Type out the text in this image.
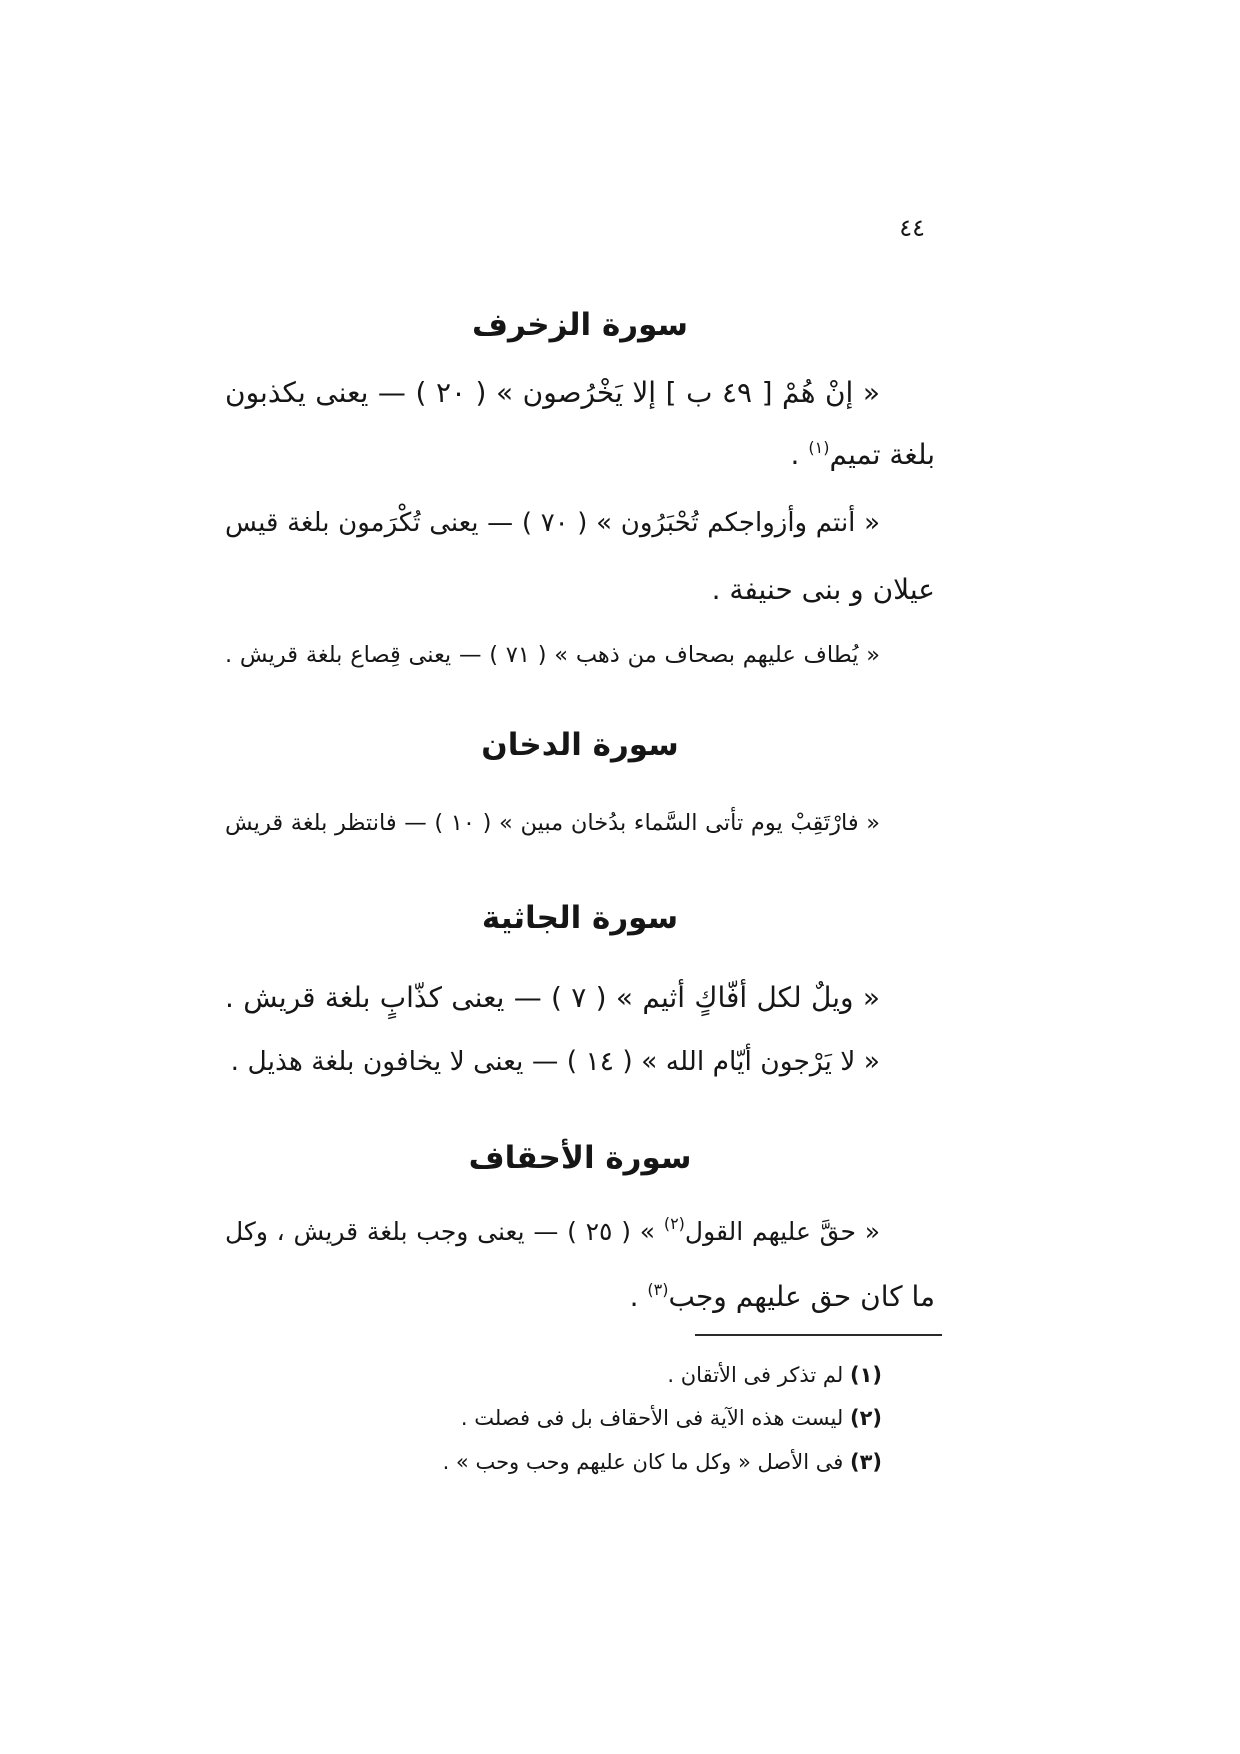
٤٤
سورة الزخرف
« إنْ هُمْ [ ٤٩ ب ] إلا يَخْرُصون » ( ٢٠ ) — يعنى يكذبون
بلغة تميم$^{(١)}$ .
« أنتم وأزواجكم تُحْبَرُون » ( ٧٠ ) — يعنى تُكْرَمون بلغة قيس
عيلان و بنى حنيفة .
« يُطاف عليهم بصحاف من ذهب » ( ٧١ ) — يعنى قِصاع بلغة قريش .
سورة الدخان
« فارْتَقِبْ يوم تأتى السَّماء بدُخان مبين » ( ١٠ ) — فانتظر بلغة قريش
سورة الجاثية
« ويلٌ لكل أفّاكٍ أثيم » ( ٧ ) — يعنى كذّابٍ بلغة قريش .
« لا يَرْجون أيّام الله » ( ١٤ ) — يعنى لا يخافون بلغة هذيل .
سورة الأحقاف
« حقَّ عليهم القول$^{(٢)}$ » ( ٢٥ ) — يعنى وجب بلغة قريش ، وكل
ما كان حق عليهم وجب$^{(٣)}$ .
(١) لم تذكر فى الأتقان .
(٢) ليست هذه الآية فى الأحقاف بل فى فصلت .
(٣) فى الأصل « وكل ما كان عليهم وحب وحب » .
